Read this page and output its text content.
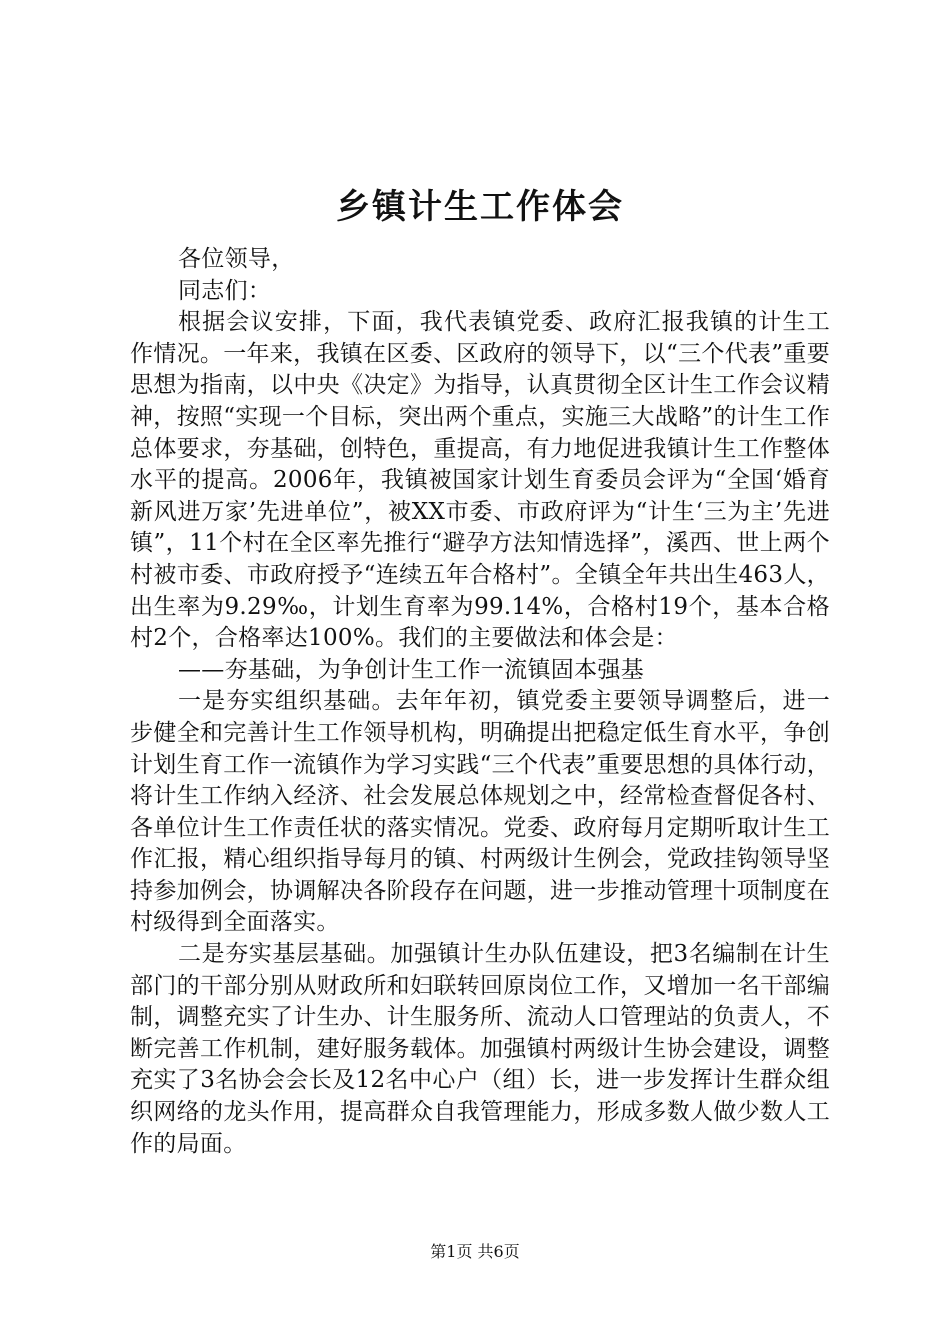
乡镇计生工作体会

各位领导，

同志们：

根据会议安排，下面，我代表镇党委、政府汇报我镇的计生工作情况。一年来，我镇在区委、区政府的领导下，以“三个代表”重要思想为指南，以中央《决定》为指导，认真贯彻全区计生工作会议精神，按照“实现一个目标，突出两个重点，实施三大战略”的计生工作总体要求，夯基础，创特色，重提高，有力地促进我镇计生工作整体水平的提高。2006年，我镇被国家计划生育委员会评为“全国‘婚育新风进万家’先进单位”，被XX市委、市政府评为“计生‘三为主’先进镇”，11个村在全区率先推行“避孕方法知情选择”，溪西、世上两个村被市委、市政府授予“连续五年合格村”。全镇全年共出生463人，出生率为9.29‰，计划生育率为99.14%，合格村19个，基本合格村2个，合格率达100%。我们的主要做法和体会是：

——夯基础，为争创计生工作一流镇固本强基

一是夯实组织基础。去年年初，镇党委主要领导调整后，进一步健全和完善计生工作领导机构，明确提出把稳定低生育水平，争创计划生育工作一流镇作为学习实践“三个代表”重要思想的具体行动，将计生工作纳入经济、社会发展总体规划之中，经常检查督促各村、各单位计生工作责任状的落实情况。党委、政府每月定期听取计生工作汇报，精心组织指导每月的镇、村两级计生例会，党政挂钩领导坚持参加例会，协调解决各阶段存在问题，进一步推动管理十项制度在村级得到全面落实。

二是夯实基层基础。加强镇计生办队伍建设，把3名编制在计生部门的干部分别从财政所和妇联转回原岗位工作，又增加一名干部编制，调整充实了计生办、计生服务所、流动人口管理站的负责人，不断完善工作机制，建好服务载体。加强镇村两级计生协会建设，调整充实了3名协会会长及12名中心户（组）长，进一步发挥计生群众组织网络的龙头作用，提高群众自我管理能力，形成多数人做少数人工作的局面。

第1页 共6页
